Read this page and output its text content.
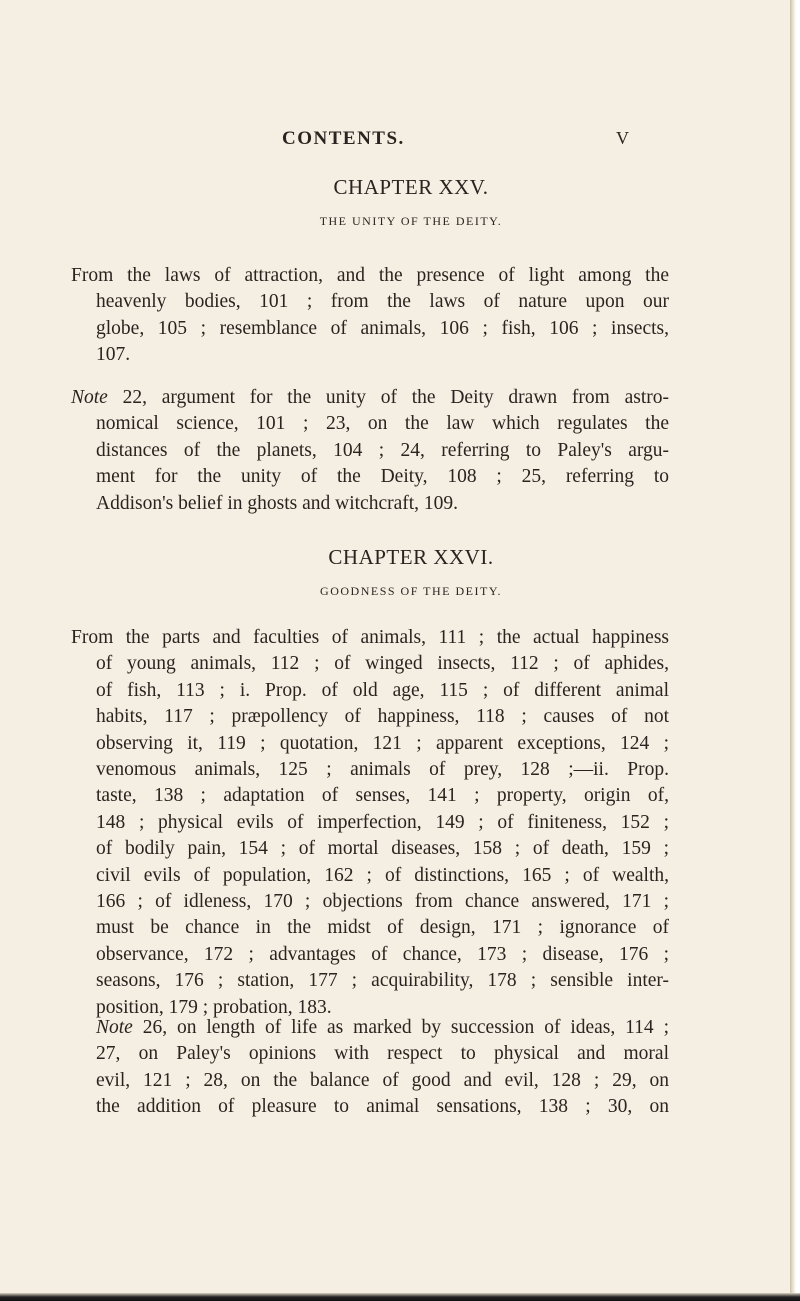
CONTENTS.	V
CHAPTER XXV.
THE UNITY OF THE DEITY.
From the laws of attraction, and the presence of light among the
heavenly bodies, 101 ; from the laws of nature upon our
globe, 105 ; resemblance of animals, 106 ; fish, 106 ; insects,
107.
Note 22, argument for the unity of the Deity drawn from astro-
nomical science, 101 ; 23, on the law which regulates the
distances of the planets, 104 ; 24, referring to Paley's argu-
ment for the unity of the Deity, 108 ; 25, referring to
Addison's belief in ghosts and witchcraft, 109.
CHAPTER XXVI.
GOODNESS OF THE DEITY.
From the parts and faculties of animals, 111 ; the actual happiness
of young animals, 112 ; of winged insects, 112 ; of aphides,
of fish, 113 ; i. Prop. of old age, 115 ; of different animal
habits, 117 ; præpollency of happiness, 118 ; causes of not
observing it, 119 ; quotation, 121 ; apparent exceptions, 124 ;
venomous animals, 125 ; animals of prey, 128 ;—ii. Prop.
taste, 138 ; adaptation of senses, 141 ; property, origin of,
148 ; physical evils of imperfection, 149 ; of finiteness, 152 ;
of bodily pain, 154 ; of mortal diseases, 158 ; of death, 159 ;
civil evils of population, 162 ; of distinctions, 165 ; of wealth,
166 ; of idleness, 170 ; objections from chance answered, 171 ;
must be chance in the midst of design, 171 ; ignorance of
observance, 172 ; advantages of chance, 173 ; disease, 176 ;
seasons, 176 ; station, 177 ; acquirability, 178 ; sensible inter-
position, 179 ; probation, 183.
Note 26, on length of life as marked by succession of ideas, 114 ;
27, on Paley's opinions with respect to physical and moral
evil, 121 ; 28, on the balance of good and evil, 128 ; 29, on
the addition of pleasure to animal sensations, 138 ; 30, on
